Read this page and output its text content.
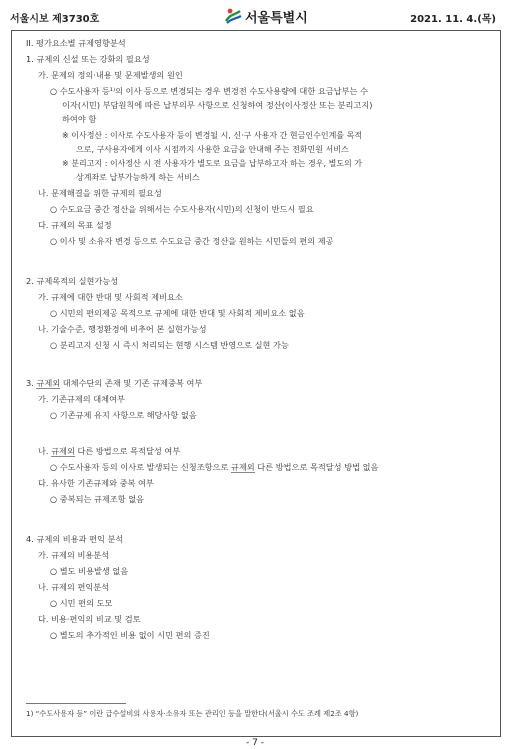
서울시보 제3730호	서울특별시	2021. 11. 4.(목)
II. 평가요소별 규제영향분석
1. 규제의 신설 또는 강화의 필요성
가. 문제의 정의·내용 및 문제발생의 원인
○ 수도사용자 등¹⁾의 이사 등으로 변경되는 경우 변경전 수도사용량에 대한 요금납부는 수
이자(시민) 부담원칙에 따른 납부의무 사항으로 신청하여 정산(이사정산 또는 분리고지)
하여야 함
※ 이사정산 : 이사로 수도사용자 등이 변경될 시, 신·구 사용자 간 현금인수인계를 목적
으로, 구사용자에게 이사 시점까지 사용한 요금을 안내해 주는 전화민원 서비스
※ 분리고지 : 이사정산 시 전 사용자가 별도로 요금을 납부하고자 하는 경우, 별도의 가
상계좌로 납부가능하게 하는 서비스
나. 문제해결을 위한 규제의 필요성
○ 수도요금 중간 정산을 위해서는 수도사용자(시민)의 신청이 반드시 필요
다. 규제의 목표 설정
○ 이사 및 소유자 변경 등으로 수도요금 중간 정산을 원하는 시민들의 편의 제공
2. 규제목적의 실현가능성
가. 규제에 대한 반대 및 사회적 제비요소
○ 시민의 편의제공 목적으로 규제에 대한 반대 및 사회적 제비요소 없음
나. 기술수준, 행정환경에 비추어 본 실현가능성
○ 분리고지 신청 시 즉시 처리되는 현행 시스템 반영으로 실현 가능
3. 규제외 대체수단의 존재 및 기존 규제중복 여부
가. 기존규제의 대체여부
○ 기존규제 유지 사항으로 해당사항 없음
나. 규제외 다른 방법으로 목적달성 여부
○ 수도사용자 등의 이사로 발생되는 신청조항으로 규제외 다른 방법으로 목적달성 방법 없음
다. 유사한 기존규제와 중복 여부
○ 중복되는 규제조항 없음
4. 규제의 비용과 편익 분석
가. 규제의 비용분석
○ 별도 비용발생 없음
나. 규제의 편익분석
○ 시민 편의 도모
다. 비용·편익의 비교 및 검토
○ 별도의 추가적인 비용 없이 시민 편의 증진
1) “수도사용자 등” 이란 급수설비의 사용자·소유자 또는 관리인 등을 말한다(서울시 수도 조례 제2조 4항)
- 7 -
